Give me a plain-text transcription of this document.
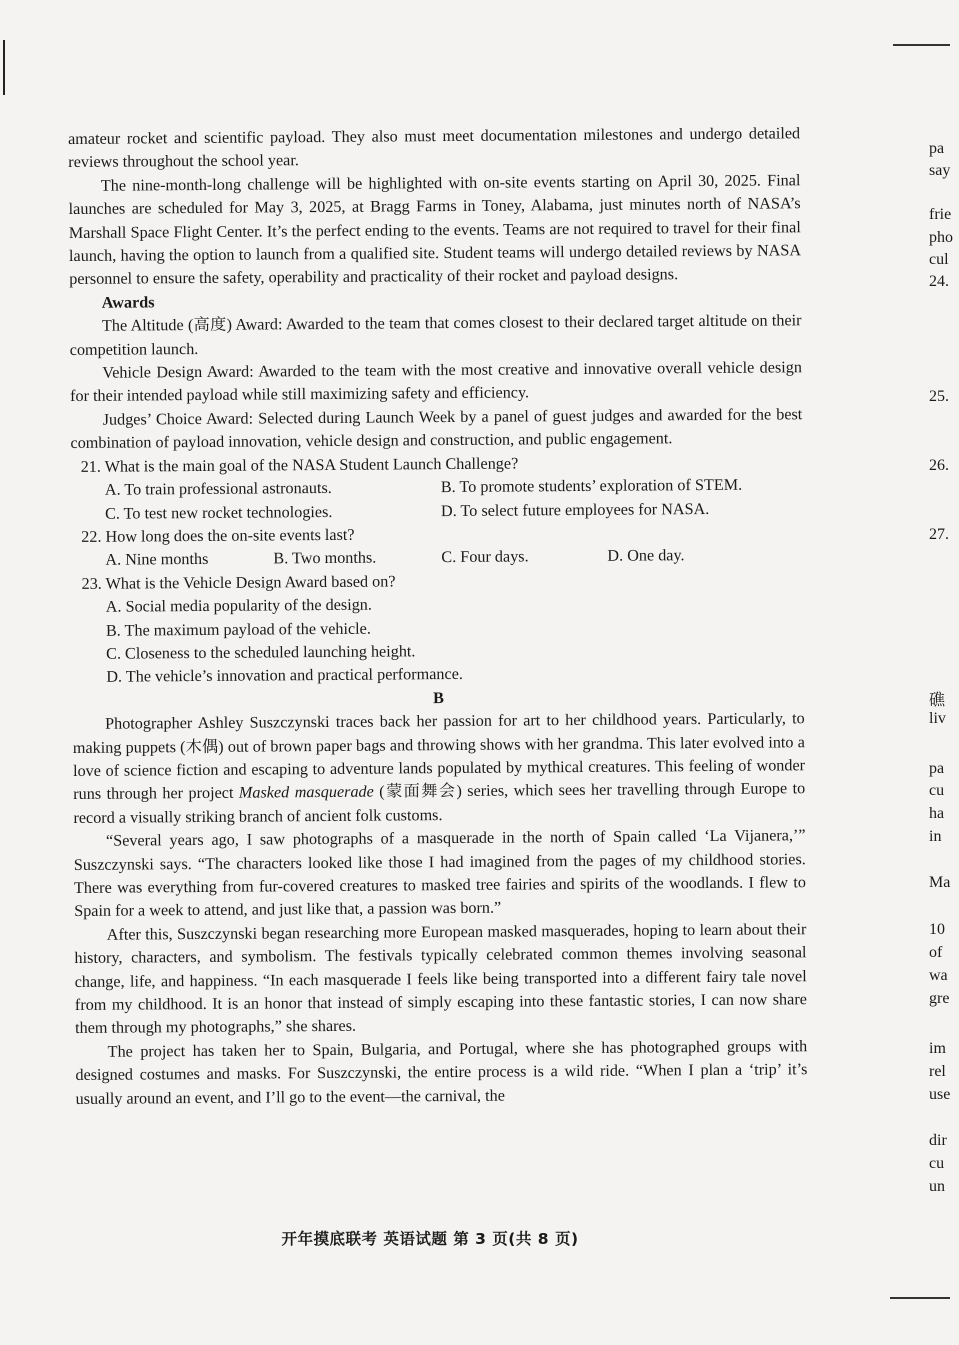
amateur rocket and scientific payload. They also must meet documentation milestones and undergo detailed reviews throughout the school year.

The nine-month-long challenge will be highlighted with on-site events starting on April 30, 2025. Final launches are scheduled for May 3, 2025, at Bragg Farms in Toney, Alabama, just minutes north of NASA’s Marshall Space Flight Center. It’s the perfect ending to the events. Teams are not required to travel for their final launch, having the option to launch from a qualified site. Student teams will undergo detailed reviews by NASA personnel to ensure the safety, operability and practicality of their rocket and payload designs.

Awards

The Altitude (高度) Award: Awarded to the team that comes closest to their declared target altitude on their competition launch.

Vehicle Design Award: Awarded to the team with the most creative and innovative overall vehicle design for their intended payload while still maximizing safety and efficiency.

Judges’ Choice Award: Selected during Launch Week by a panel of guest judges and awarded for the best combination of payload innovation, vehicle design and construction, and public engagement.

21. What is the main goal of the NASA Student Launch Challenge?

A. To train professional astronauts.	B. To promote students’ exploration of STEM.
C. To test new rocket technologies.	D. To select future employees for NASA.

22. How long does the on-site events last?

A. Nine months	B. Two months.	C. Four days.	D. One day.

23. What is the Vehicle Design Award based on?

A. Social media popularity of the design.
B. The maximum payload of the vehicle.
C. Closeness to the scheduled launching height.
D. The vehicle’s innovation and practical performance.

B

Photographer Ashley Suszczynski traces back her passion for art to her childhood years. Particularly, to making puppets (木偶) out of brown paper bags and throwing shows with her grandma. This later evolved into a love of science fiction and escaping to adventure lands populated by mythical creatures. This feeling of wonder runs through her project Masked masquerade (蒙面舞会) series, which sees her travelling through Europe to record a visually striking branch of ancient folk customs.

“Several years ago, I saw photographs of a masquerade in the north of Spain called ‘La Vijanera,’” Suszczynski says. “The characters looked like those I had imagined from the pages of my childhood stories. There was everything from fur-covered creatures to masked tree fairies and spirits of the woodlands. I flew to Spain for a week to attend, and just like that, a passion was born.”

After this, Suszczynski began researching more European masked masquerades, hoping to learn about their history, characters, and symbolism. The festivals typically celebrated common themes involving seasonal change, life, and happiness. “In each masquerade I feels like being transported into a different fairy tale novel from my childhood. It is an honor that instead of simply escaping into these fantastic stories, I can now share them through my photographs,” she shares.

The project has taken her to Spain, Bulgaria, and Portugal, where she has photographed groups with designed costumes and masks. For Suszczynski, the entire process is a wild ride. “When I plan a ‘trip’ it’s usually around an event, and I’ll go to the event—the carnival, the

开年摸底联考 英语试题 第 3 页(共 8 页)
pa
say
frie
pho
cul
24.
25.
26.
27.
礁
liv
pa
cu
ha
in
Ma
10
of
wa
gre
im
rel
use
dir
cu
un
